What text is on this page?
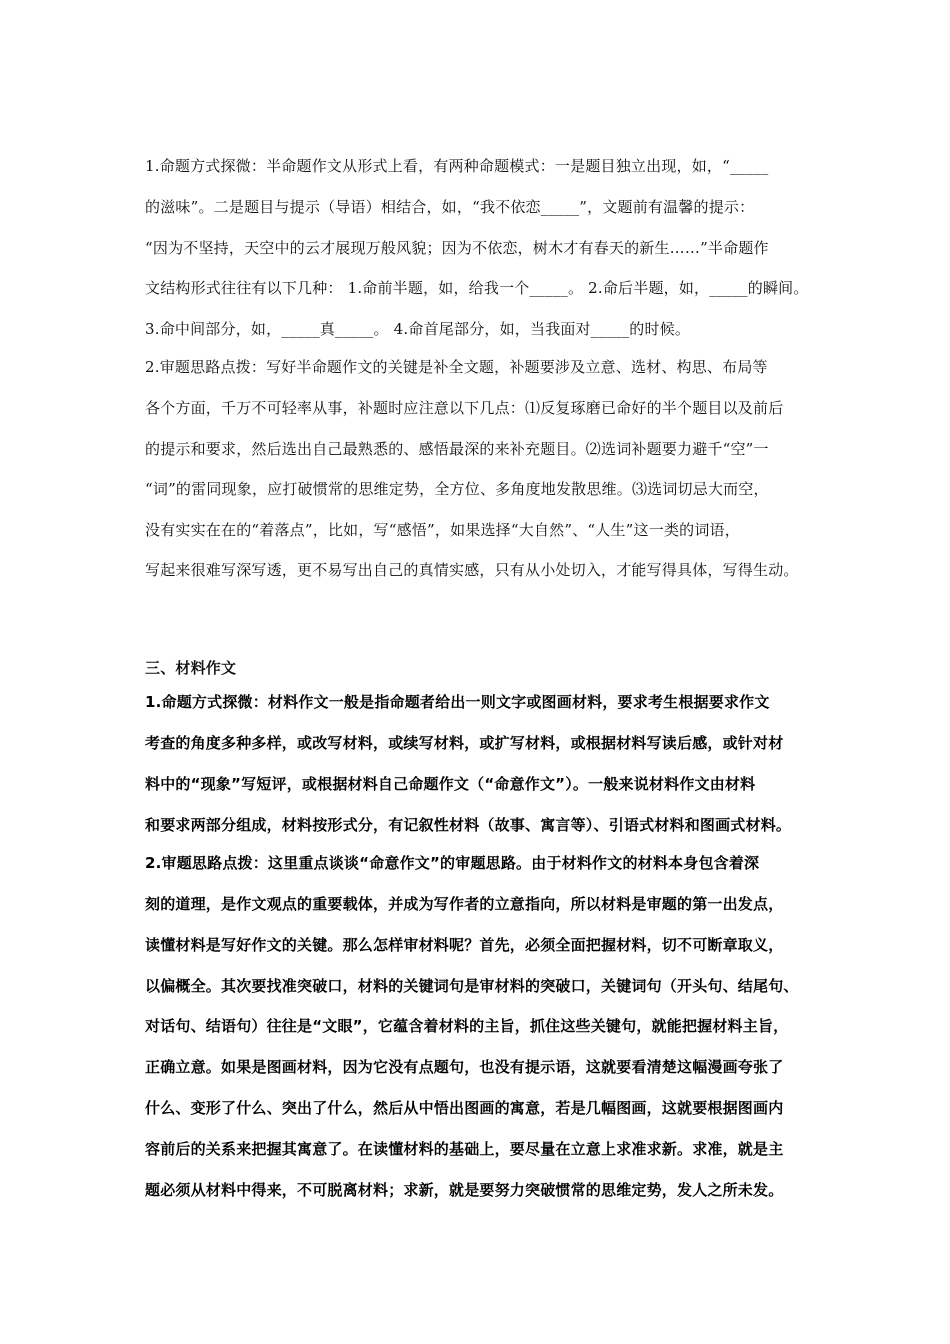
1.命题方式探微：半命题作文从形式上看，有两种命题模式：一是题目独立出现，如，“_____
的滋味”。二是题目与提示（导语）相结合，如，“我不依恋_____”，文题前有温馨的提示：
“因为不坚持，天空中的云才展现万般风貌；因为不依恋，树木才有春天的新生……”半命题作
文结构形式往往有以下几种： 1.命前半题，如，给我一个_____。 2.命后半题，如，_____的瞬间。
3.命中间部分，如，_____真_____。 4.命首尾部分，如，当我面对_____的时候。
2.审题思路点拨：写好半命题作文的关键是补全文题，补题要涉及立意、选材、构思、布局等
各个方面，千万不可轻率从事，补题时应注意以下几点：⑴反复琢磨已命好的半个题目以及前后
的提示和要求，然后选出自己最熟悉的、感悟最深的来补充题目。⑵选词补题要力避千“空”一
“词”的雷同现象，应打破惯常的思维定势，全方位、多角度地发散思维。⑶选词切忌大而空，
没有实实在在的“着落点”，比如，写“感悟”，如果选择“大自然”、“人生”这一类的词语，
写起来很难写深写透，更不易写出自己的真情实感，只有从小处切入，才能写得具体，写得生动。
三、材料作文
1.命题方式探微：材料作文一般是指命题者给出一则文字或图画材料，要求考生根据要求作文
考查的角度多种多样，或改写材料，或续写材料，或扩写材料，或根据材料写读后感，或针对材
料中的“现象”写短评，或根据材料自己命题作文（“命意作文”）。一般来说材料作文由材料
和要求两部分组成，材料按形式分，有记叙性材料（故事、寓言等）、引语式材料和图画式材料。
2.审题思路点拨：这里重点谈谈“命意作文”的审题思路。由于材料作文的材料本身包含着深
刻的道理，是作文观点的重要载体，并成为写作者的立意指向，所以材料是审题的第一出发点，
读懂材料是写好作文的关键。那么怎样审材料呢？首先，必须全面把握材料，切不可断章取义，
以偏概全。其次要找准突破口，材料的关键词句是审材料的突破口，关键词句（开头句、结尾句、
对话句、结语句）往往是“文眼”，它蕴含着材料的主旨，抓住这些关键句，就能把握材料主旨，
正确立意。如果是图画材料，因为它没有点题句，也没有提示语，这就要看清楚这幅漫画夸张了
什么、变形了什么、突出了什么，然后从中悟出图画的寓意，若是几幅图画，这就要根据图画内
容前后的关系来把握其寓意了。在读懂材料的基础上，要尽量在立意上求准求新。求准，就是主
题必须从材料中得来，不可脱离材料；求新，就是要努力突破惯常的思维定势，发人之所未发。
